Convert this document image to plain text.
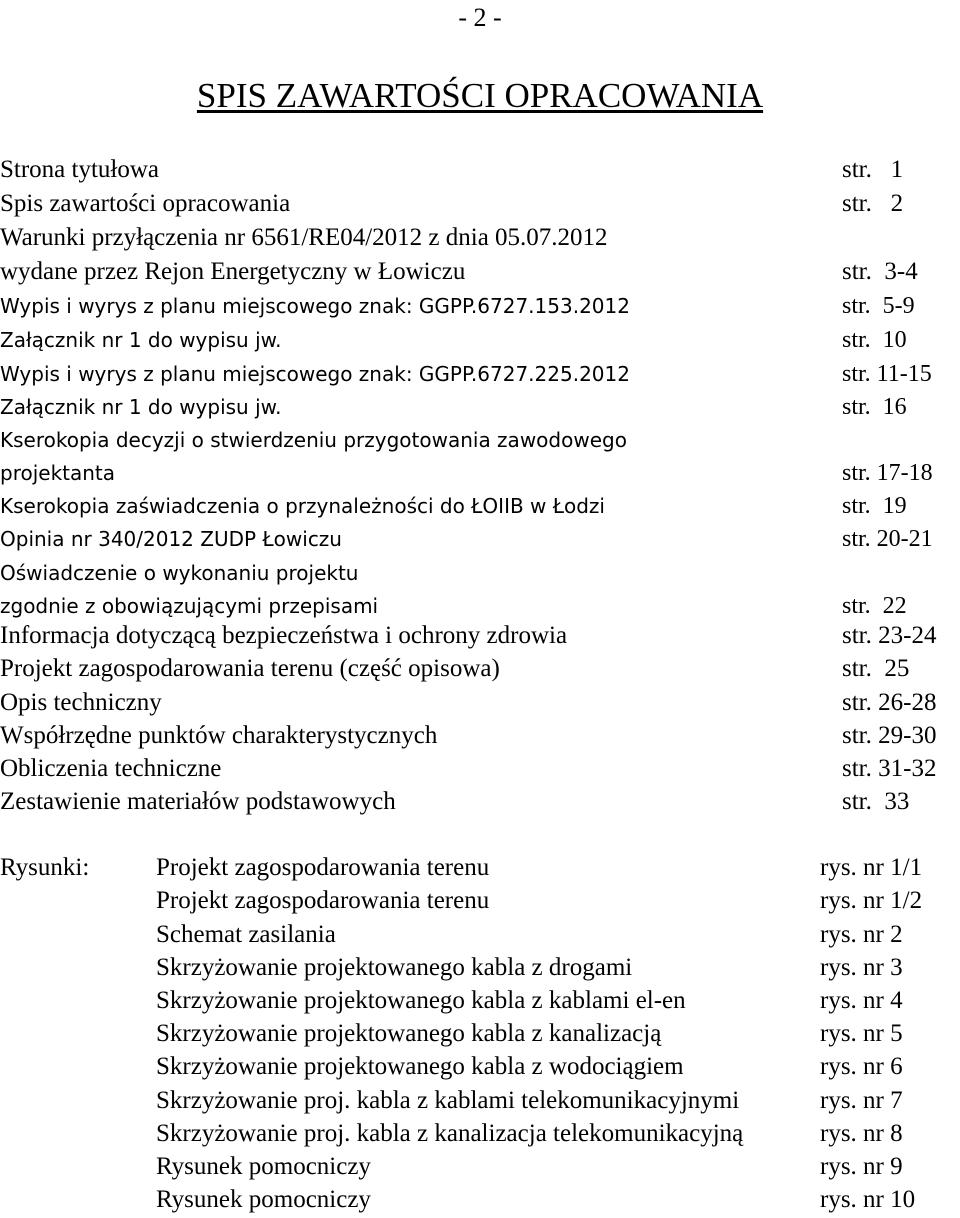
- 2 -
SPIS ZAWARTOŚCI OPRACOWANIA
Strona tytułowa	str.   1
Spis zawartości opracowania	str.   2
Warunki przyłączenia nr 6561/RE04/2012 z dnia 05.07.2012
wydane przez Rejon Energetyczny w Łowiczu	str.  3-4
Wypis i wyrys z planu miejscowego znak: GGPP.6727.153.2012	str.  5-9
Załącznik nr 1 do wypisu jw.	str.  10
Wypis i wyrys z planu miejscowego znak: GGPP.6727.225.2012	str. 11-15
Załącznik nr 1 do wypisu jw.	str.  16
Kserokopia decyzji o stwierdzeniu przygotowania zawodowego
projektanta	str. 17-18
Kserokopia zaświadczenia o przynależności do ŁOIIB w Łodzi	str.  19
Opinia nr 340/2012 ZUDP Łowiczu	str. 20-21
Oświadczenie o wykonaniu projektu
zgodnie z obowiązującymi przepisami	str.  22
Informacja dotyczącą bezpieczeństwa i ochrony zdrowia	str. 23-24
Projekt zagospodarowania terenu (część opisowa)	str.  25
Opis techniczny	str. 26-28
Współrzędne punktów charakterystycznych	str. 29-30
Obliczenia techniczne	str. 31-32
Zestawienie materiałów podstawowych	str.  33
Rysunki:	Projekt zagospodarowania terenu	rys. nr 1/1
Projekt zagospodarowania terenu	rys. nr 1/2
Schemat zasilania	rys. nr 2
Skrzyżowanie projektowanego kabla z drogami	rys. nr 3
Skrzyżowanie projektowanego kabla z kablami el-en	rys. nr 4
Skrzyżowanie projektowanego kabla z kanalizacją	rys. nr 5
Skrzyżowanie projektowanego kabla z wodociągiem	rys. nr 6
Skrzyżowanie proj. kabla z kablami telekomunikacyjnymi	rys. nr 7
Skrzyżowanie proj. kabla z kanalizacja telekomunikacyjną	rys. nr 8
Rysunek pomocniczy	rys. nr 9
Rysunek pomocniczy	rys. nr 10
